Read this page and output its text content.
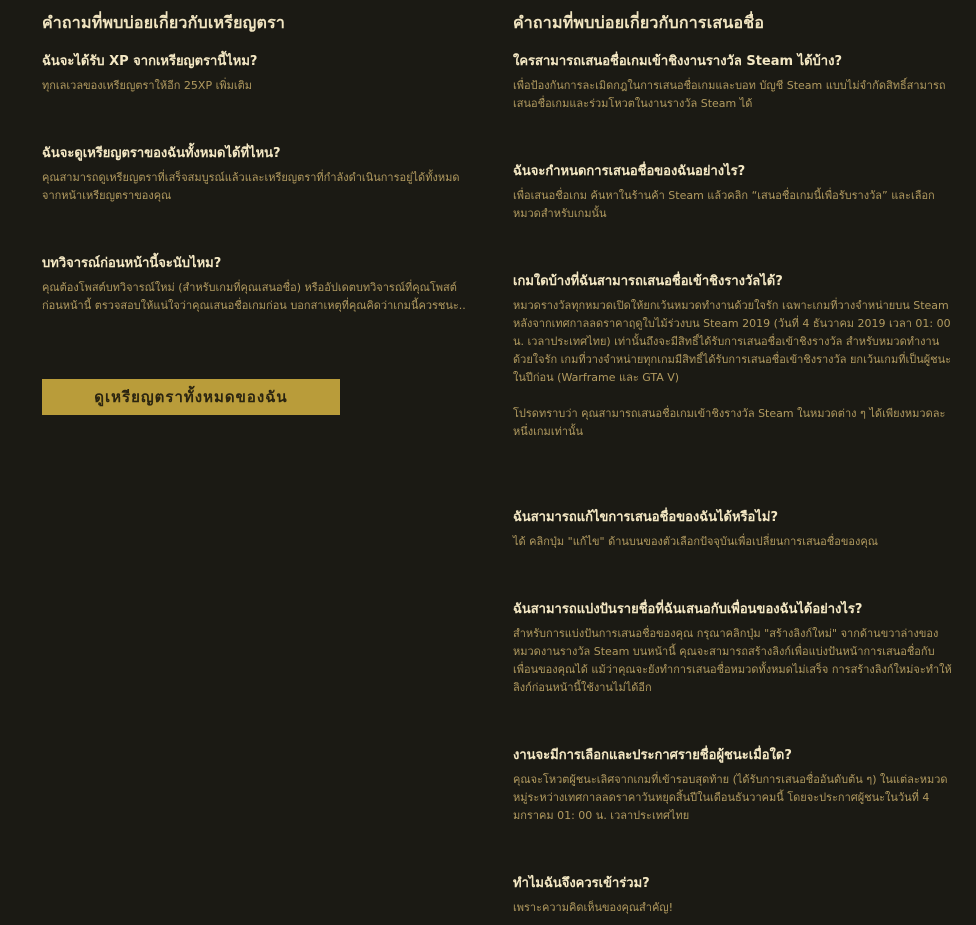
คำถามที่พบบ่อยเกี่ยวกับเหรียญตรา

ฉันจะได้รับ XP จากเหรียญตรานี้ไหม?

ทุกเลเวลของเหรียญตราให้อีก 25XP เพิ่มเติม

ฉันจะดูเหรียญตราของฉันทั้งหมดได้ที่ไหน?

คุณสามารถดูเหรียญตราที่เสร็จสมบูรณ์แล้วและเหรียญตราที่กำลังดำเนินการอยู่ได้ทั้งหมดจากหน้าเหรียญตราของคุณ

บทวิจารณ์ก่อนหน้านี้จะนับไหม?

คุณต้องโพสต์บทวิจารณ์ใหม่ (สำหรับเกมที่คุณเสนอชื่อ) หรืออัปเดตบทวิจารณ์ที่คุณโพสต์ก่อนหน้านี้ ตรวจสอบให้แน่ใจว่าคุณเสนอชื่อเกมก่อน บอกสาเหตุที่คุณคิดว่าเกมนี้ควรชนะ..

ดูเหรียญตราทั้งหมดของฉัน
คำถามที่พบบ่อยเกี่ยวกับการเสนอชื่อ

ใครสามารถเสนอชื่อเกมเข้าชิงงานรางวัล Steam ได้บ้าง?

เพื่อป้องกันการละเมิดกฎในการเสนอชื่อเกมและบอท บัญชี Steam แบบไม่จำกัดสิทธิ์สามารถเสนอชื่อเกมและร่วมโหวตในงานรางวัล Steam ได้

ฉันจะกำหนดการเสนอชื่อของฉันอย่างไร?

เพื่อเสนอชื่อเกม ค้นหาในร้านค้า Steam แล้วคลิก “เสนอชื่อเกมนี้เพื่อรับรางวัล” และเลือกหมวดสำหรับเกมนั้น

เกมใดบ้างที่ฉันสามารถเสนอชื่อเข้าชิงรางวัลได้?

หมวดรางวัลทุกหมวดเปิดให้ยกเว้นหมวดทำงานด้วยใจรัก เฉพาะเกมที่วางจำหน่ายบน Steam หลังจากเทศกาลลดราคาฤดูใบไม้ร่วงบน Steam 2019 (วันที่ 4 ธันวาคม 2019 เวลา 01: 00 น. เวลาประเทศไทย) เท่านั้นถึงจะมีสิทธิ์ได้รับการเสนอชื่อเข้าชิงรางวัล สำหรับหมวดทำงานด้วยใจรัก เกมที่วางจำหน่ายทุกเกมมีสิทธิ์ได้รับการเสนอชื่อเข้าชิงรางวัล ยกเว้นเกมที่เป็นผู้ชนะในปีก่อน (Warframe และ GTA V)

โปรดทราบว่า คุณสามารถเสนอชื่อเกมเข้าชิงรางวัล Steam ในหมวดต่าง ๆ ได้เพียงหมวดละหนึ่งเกมเท่านั้น

ฉันสามารถแก้ไขการเสนอชื่อของฉันได้หรือไม่?

ได้ คลิกปุ่ม "แก้ไข" ด้านบนของตัวเลือกปัจจุบันเพื่อเปลี่ยนการเสนอชื่อของคุณ

ฉันสามารถแบ่งปันรายชื่อที่ฉันเสนอกับเพื่อนของฉันได้อย่างไร?

สำหรับการแบ่งปันการเสนอชื่อของคุณ กรุณาคลิกปุ่ม "สร้างลิงก์ใหม่" จากด้านขวาล่างของหมวดงานรางวัล Steam บนหน้านี้ คุณจะสามารถสร้างลิงก์เพื่อแบ่งปันหน้าการเสนอชื่อกับเพื่อนของคุณได้ แม้ว่าคุณจะยังทำการเสนอชื่อหมวดทั้งหมดไม่เสร็จ การสร้างลิงก์ใหม่จะทำให้ลิงก์ก่อนหน้านี้ใช้งานไม่ได้อีก

งานจะมีการเลือกและประกาศรายชื่อผู้ชนะเมื่อใด?

คุณจะโหวตผู้ชนะเลิศจากเกมที่เข้ารอบสุดท้าย (ได้รับการเสนอชื่ออันดับต้น ๆ) ในแต่ละหมวดหมู่ระหว่างเทศกาลลดราคาวันหยุดสิ้นปีในเดือนธันวาคมนี้ โดยจะประกาศผู้ชนะในวันที่ 4 มกราคม 01: 00 น. เวลาประเทศไทย

ทำไมฉันจึงควรเข้าร่วม?

เพราะความคิดเห็นของคุณสำคัญ!
